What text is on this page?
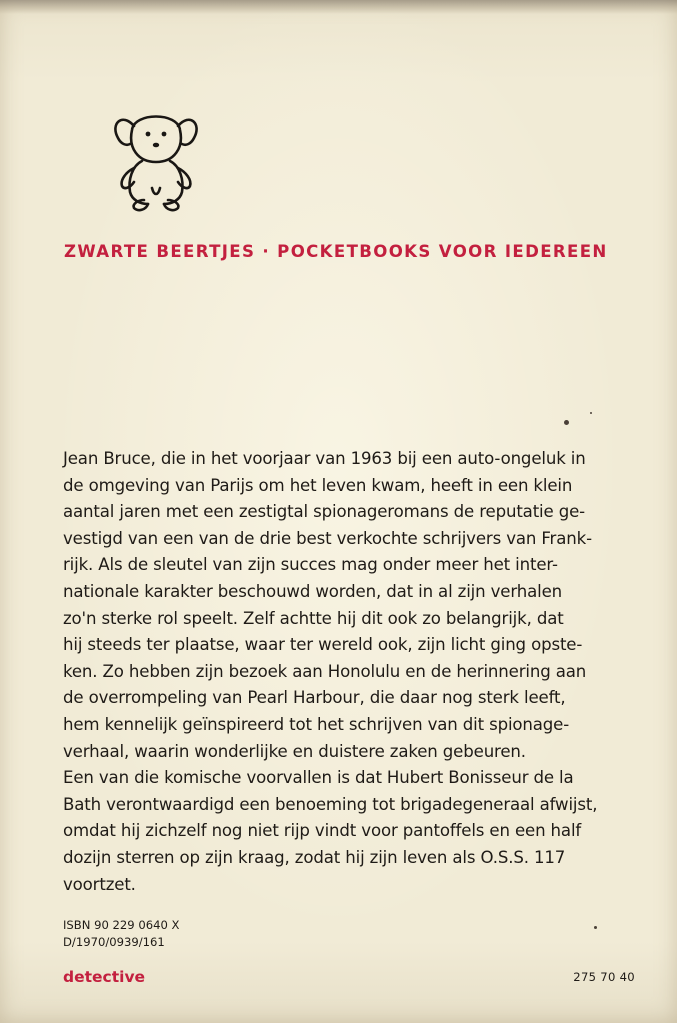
ZWARTE BEERTJES · POCKETBOOKS VOOR IEDEREEN
Jean Bruce, die in het voorjaar van 1963 bij een auto-ongeluk in
de omgeving van Parijs om het leven kwam, heeft in een klein
aantal jaren met een zestigtal spionageromans de reputatie ge-
vestigd van een van de drie best verkochte schrijvers van Frank-
rijk. Als de sleutel van zijn succes mag onder meer het inter-
nationale karakter beschouwd worden, dat in al zijn verhalen
zo'n sterke rol speelt. Zelf achtte hij dit ook zo belangrijk, dat
hij steeds ter plaatse, waar ter wereld ook, zijn licht ging opste-
ken. Zo hebben zijn bezoek aan Honolulu en de herinnering aan
de overrompeling van Pearl Harbour, die daar nog sterk leeft,
hem kennelijk geïnspireerd tot het schrijven van dit spionage-
verhaal, waarin wonderlijke en duistere zaken gebeuren.
Een van die komische voorvallen is dat Hubert Bonisseur de la
Bath verontwaardigd een benoeming tot brigadegeneraal afwijst,
omdat hij zichzelf nog niet rijp vindt voor pantoffels en een half
dozijn sterren op zijn kraag, zodat hij zijn leven als O.S.S. 117
voortzet.
ISBN 90 229 0640 X
D/1970/0939/161
detective	275 70 40
